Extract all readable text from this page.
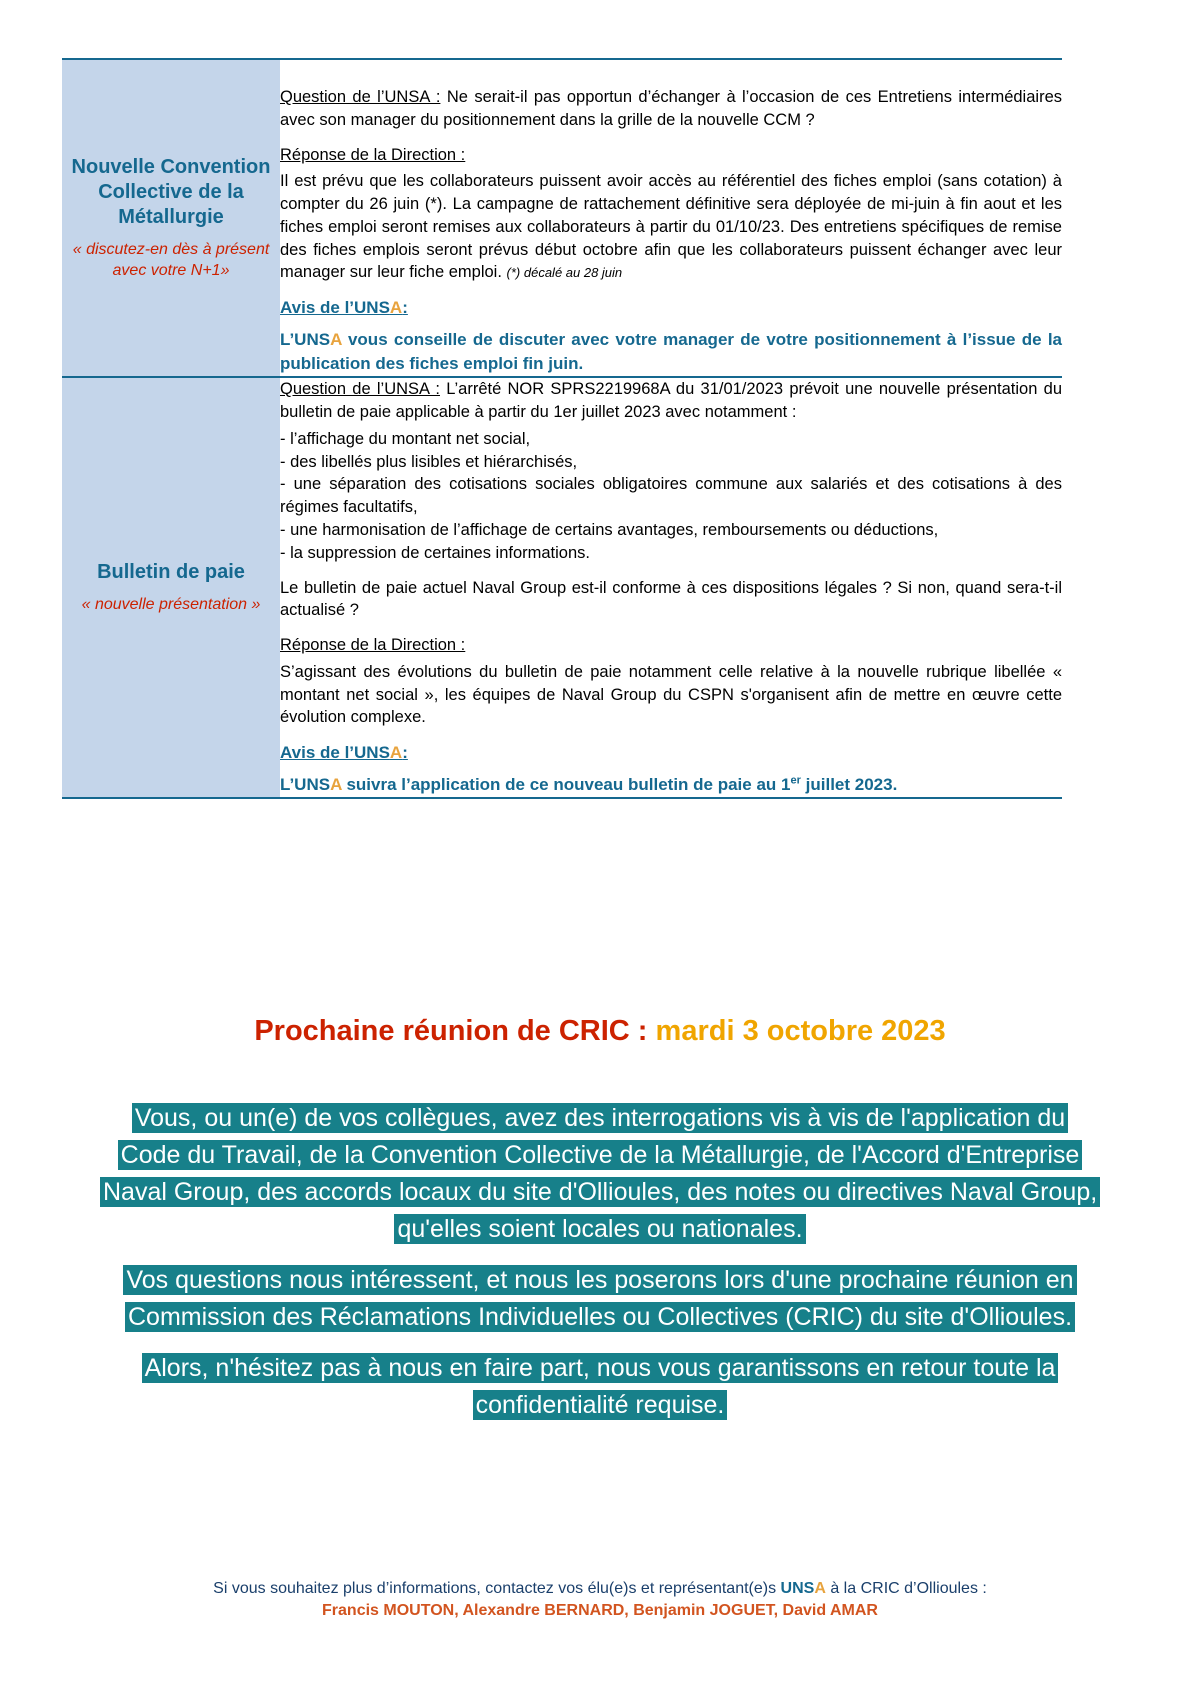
Nouvelle Convention Collective de la Métallurgie
« discutez-en dès à présent avec votre N+1»

Question de l’UNSA : Ne serait-il pas opportun d’échanger à l’occasion de ces Entretiens intermédiaires avec son manager du positionnement dans la grille de la nouvelle CCM ?

Réponse de la Direction :

Il est prévu que les collaborateurs puissent avoir accès au référentiel des fiches emploi (sans cotation) à compter du 26 juin (*). La campagne de rattachement définitive sera déployée de mi-juin à fin aout et les fiches emploi seront remises aux collaborateurs à partir du 01/10/23. Des entretiens spécifiques de remise des fiches emplois seront prévus début octobre afin que les collaborateurs puissent échanger avec leur manager sur leur fiche emploi. (*) décalé au 28 juin

Avis de l’UNSA:

L’UNSA vous conseille de discuter avec votre manager de votre positionnement à l’issue de la publication des fiches emploi fin juin.

Bulletin de paie
« nouvelle présentation »

Question de l’UNSA : L’arrêté NOR SPRS2219968A du 31/01/2023 prévoit une nouvelle présentation du bulletin de paie applicable à partir du 1er juillet 2023 avec notamment :

- l’affichage du montant net social,

- des libellés plus lisibles et hiérarchisés,

- une séparation des cotisations sociales obligatoires commune aux salariés et des cotisations à des régimes facultatifs,

- une harmonisation de l’affichage de certains avantages, remboursements ou déductions,

- la suppression de certaines informations.

Le bulletin de paie actuel Naval Group est-il conforme à ces dispositions légales ? Si non, quand sera-t-il actualisé ?

Réponse de la Direction :

S’agissant des évolutions du bulletin de paie notamment celle relative à la nouvelle rubrique libellée « montant net social », les équipes de Naval Group du CSPN s'organisent afin de mettre en œuvre cette évolution complexe.

Avis de l’UNSA:

L’UNSA suivra l’application de ce nouveau bulletin de paie au 1er juillet 2023.

Prochaine réunion de CRIC : mardi 3 octobre 2023

Vous, ou un(e) de vos collègues, avez des interrogations vis à vis de l'application du Code du Travail, de la Convention Collective de la Métallurgie, de l'Accord d'Entreprise Naval Group, des accords locaux du site d'Ollioules, des notes ou directives Naval Group, qu'elles soient locales ou nationales.

Vos questions nous intéressent, et nous les poserons lors d'une prochaine réunion en Commission des Réclamations Individuelles ou Collectives (CRIC) du site d'Ollioules.

Alors, n'hésitez pas à nous en faire part, nous vous garantissons en retour toute la confidentialité requise.

Si vous souhaitez plus d’informations, contactez vos élu(e)s et représentant(e)s UNSA à la CRIC d’Ollioules :
Francis MOUTON, Alexandre BERNARD, Benjamin JOGUET, David AMAR
